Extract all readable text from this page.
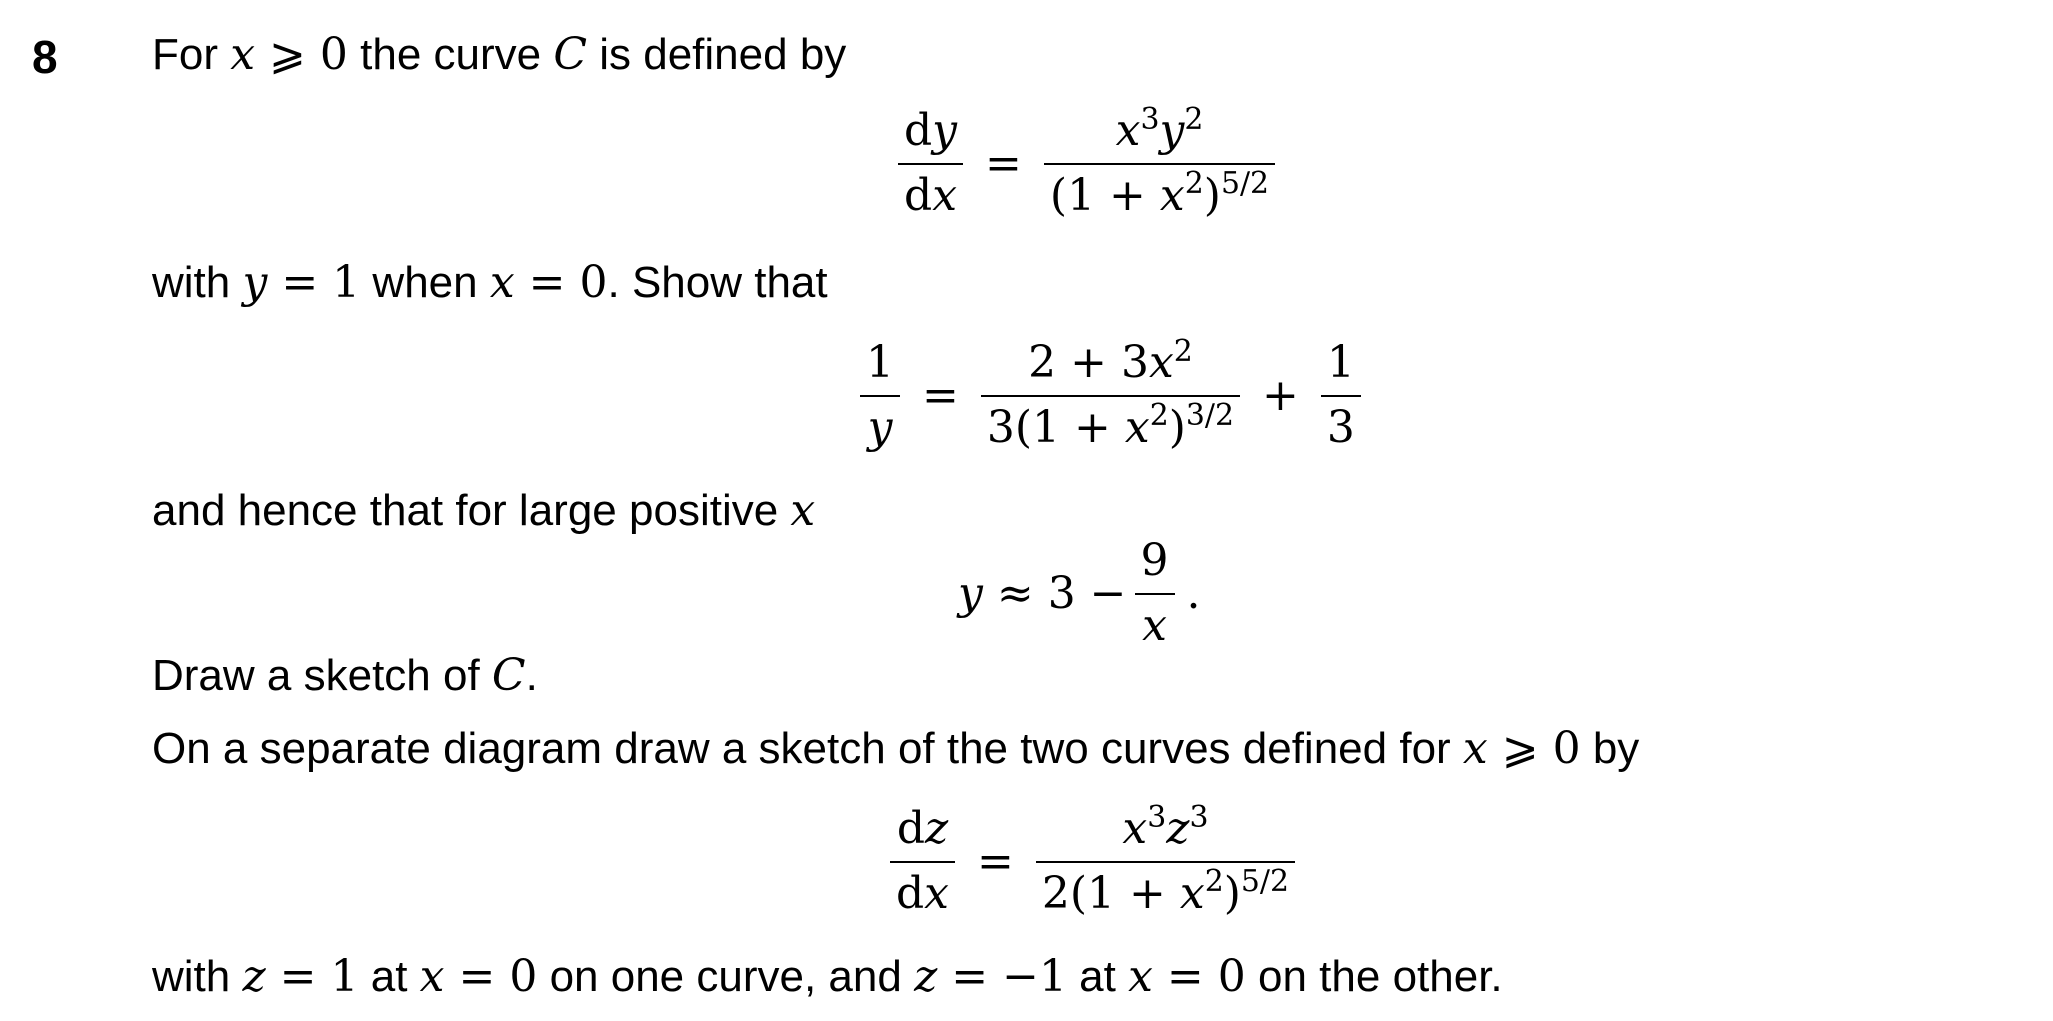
8 For x ⩾ 0 the curve C is defined by
$\frac{dy}{dx} = \frac{x^3y^2}{(1 + x^2)^{5/2}}$
with y = 1 when x = 0. Show that
$\frac{1}{y} = \frac{2 + 3x^2}{3(1 + x^2)^{3/2}} + \frac{1}{3}$
and hence that for large positive x
$y \approx 3 - \frac{9}{x}$ .
Draw a sketch of C.
On a separate diagram draw a sketch of the two curves defined for x ⩾ 0 by
$\frac{dz}{dx} = \frac{x^3z^3}{2(1 + x^2)^{5/2}}$
with z = 1 at x = 0 on one curve, and z = −1 at x = 0 on the other.
